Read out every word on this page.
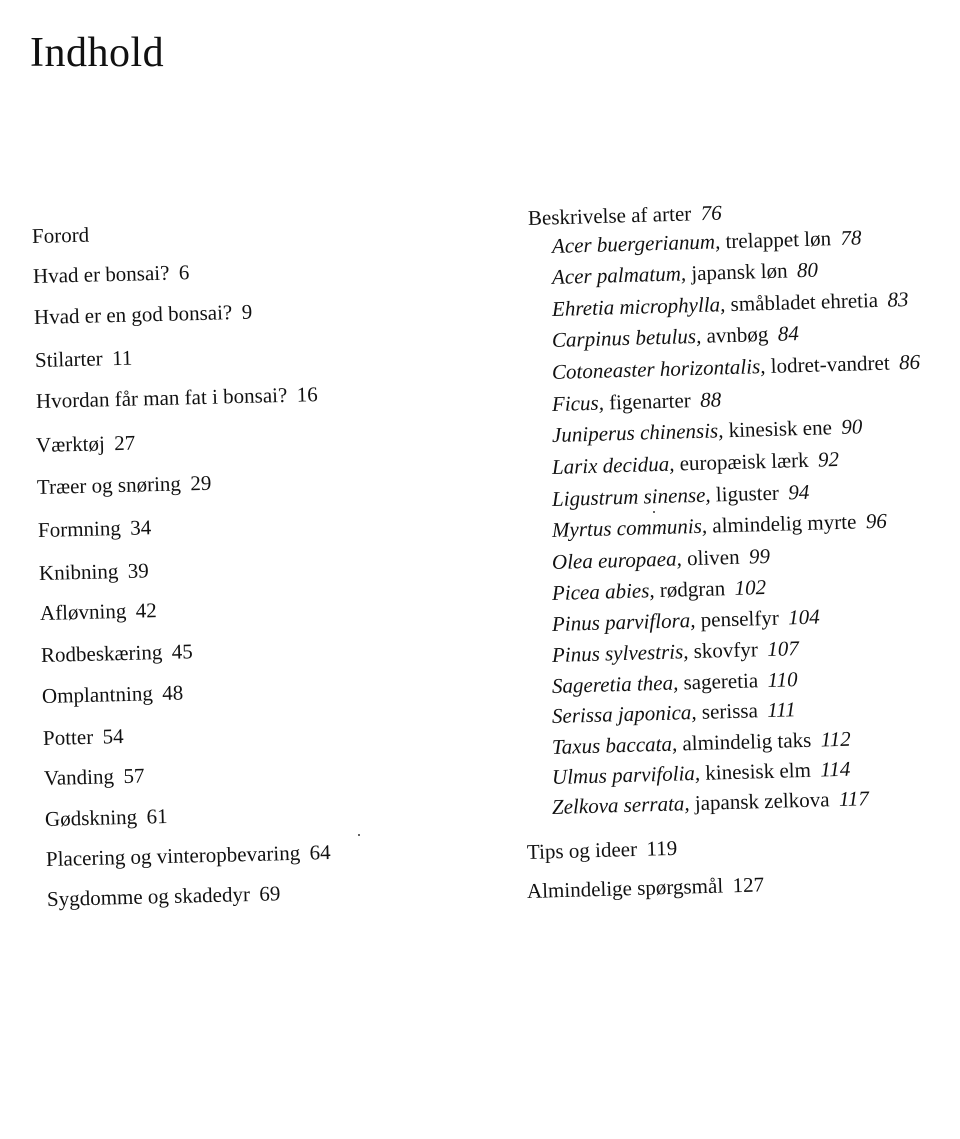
Indhold
Forord
Hvad er bonsai? 6
Hvad er en god bonsai? 9
Stilarter 11
Hvordan får man fat i bonsai? 16
Værktøj 27
Træer og snøring 29
Formning 34
Knibning 39
Afløvning 42
Rodbeskæring 45
Omplantning 48
Potter 54
Vanding 57
Gødskning 61
Placering og vinteropbevaring 64
Sygdomme og skadedyr 69
Beskrivelse af arter 76
Acer buergerianum, trelappet løn 78
Acer palmatum, japansk løn 80
Ehretia microphylla, småbladet ehretia 83
Carpinus betulus, avnbøg 84
Cotoneaster horizontalis, lodret-vandret 86
Ficus, figenarter 88
Juniperus chinensis, kinesisk ene 90
Larix decidua, europæisk lærk 92
Ligustrum sinense, liguster 94
Myrtus communis, almindelig myrte 96
Olea europaea, oliven 99
Picea abies, rødgran 102
Pinus parviflora, penselfyr 104
Pinus sylvestris, skovfyr 107
Sageretia thea, sageretia 110
Serissa japonica, serissa 111
Taxus baccata, almindelig taks 112
Ulmus parvifolia, kinesisk elm 114
Zelkova serrata, japansk zelkova 117
Tips og ideer 119
Almindelige spørgsmål 127
